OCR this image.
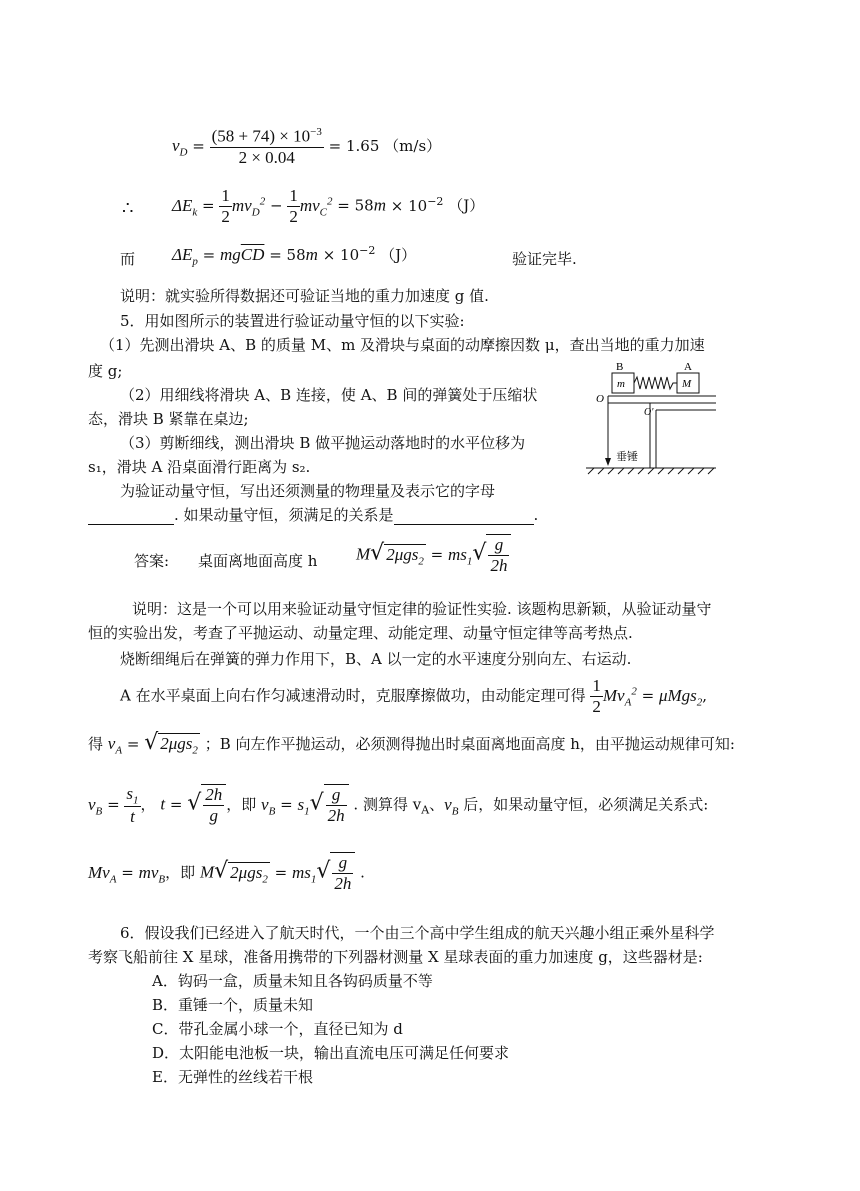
$v_D = \frac{(58 + 74) \times 10^{-3}}{2 \times 0.04} = 1.65$ （m/s）
∴ $\Delta E_k = \frac{1}{2} mv_D^2 - \frac{1}{2} mv_C^2 = 58m \times 10^{-2}$ （J）
而 $\Delta E_p = mg\overline{CD} = 58m \times 10^{-2}$ （J）	验证完毕.
说明：就实验所得数据还可验证当地的重力加速度 g 值.
5．用如图所示的装置进行验证动量守恒的以下实验:
（1）先测出滑块 A、B 的质量 M、m 及滑块与桌面的动摩擦因数 μ，查出当地的重力加速
度 g;
（2）用细线将滑块 A、B 连接，使 A、B 间的弹簧处于压缩状
态，滑块 B 紧靠在桌边;
（3）剪断细线，测出滑块 B 做平抛运动落地时的水平位移为
s₁，滑块 A 沿桌面滑行距离为 s₂.
为验证动量守恒，写出还须测量的物理量及表示它的字母
. 如果动量守恒，须满足的关系是	.
B	A
m	M
O
O'
垂锤
答案: 桌面离地面高度 h M√ $2\mu gs_2 = ms_1√ \frac{g}{2h}$
说明：这是一个可以用来验证动量守恒定律的验证性实验. 该题构思新颖，从验证动量守
恒的实验出发，考查了平抛运动、动量定理、动能定理、动量守恒定律等高考热点.
烧断细绳后在弹簧的弹力作用下，B、A 以一定的水平速度分别向左、右运动.
A 在水平桌面上向右作匀减速滑动时，克服摩擦做功，由动能定理可得 $\frac{1}{2} Mv_A^2 = \mu Mgs_2$,
得 $v_A$ = √ 2μgs$_2$ ；B 向左作平抛运动，必须测得抛出时桌面离地面高度 h，由平抛运动规律可知:
$v_B = \frac{s_1}{t}$ ， t = √ $\frac{2h}{g}$ ，即 $v_B = s_1√ \frac{g}{2h}$ . 测算得 $v_A$、$v_B$ 后，如果动量守恒，必须满足关系式:
$Mv_A = mv_B$，即 M√ $2\mu gs_2 = ms_1√ \frac{g}{2h}$ .
6．假设我们已经进入了航天时代，一个由三个高中学生组成的航天兴趣小组正乘外星科学
考察飞船前往 X 星球，准备用携带的下列器材测量 X 星球表面的重力加速度 g，这些器材是:
A．钩码一盒，质量未知且各钩码质量不等
B．重锤一个，质量未知
C．带孔金属小球一个，直径已知为 d
D．太阳能电池板一块，输出直流电压可满足任何要求
E．无弹性的丝线若干根
